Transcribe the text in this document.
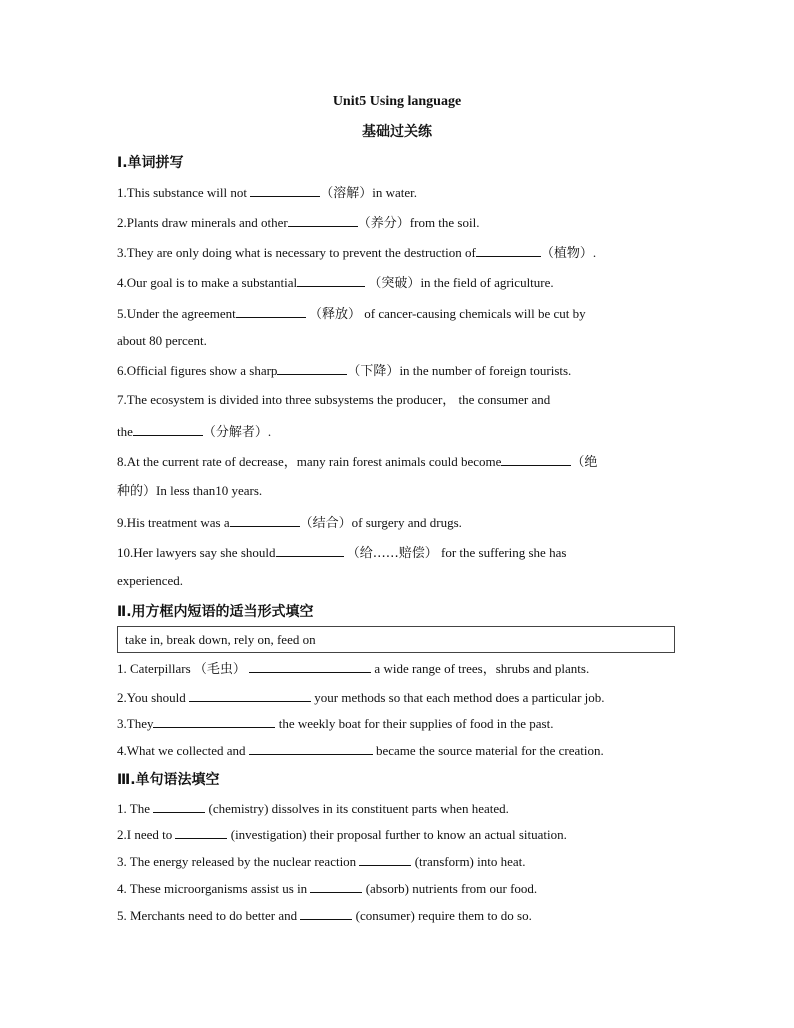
Unit5 Using language
基础过关练
Ⅰ.单词拼写
1.This substance will not	（溶解）in water.
2.Plants draw minerals and other	（养分）from the soil.
3.They are only doing what is necessary to prevent the destruction of	（植物）.
4.Our goal is to make a substantial	（突破）in the field of agriculture.
5.Under the agreement	（释放） of cancer-causing chemicals will be cut by
about 80 percent.
6.Official figures show a sharp	（下降）in the number of foreign tourists.
7.The ecosystem is divided into three subsystems the producer， the consumer and
the	（分解者）.
8.At the current rate of decrease，many rain forest animals could become	（绝
种的）In less than10 years.
9.His treatment was a	（结合）of surgery and drugs.
10.Her lawyers say she should	（给……赔偿） for the suffering she has
experienced.
Ⅱ.用方框内短语的适当形式填空
take in, break down, rely on, feed on
1. Caterpillars （毛虫）	a wide range of trees，shrubs and plants.
2.You should	your methods so that each method does a particular job.
3.They	the weekly boat for their supplies of food in the past.
4.What we collected and	became the source material for the creation.
Ⅲ.单句语法填空
1. The	(chemistry) dissolves in its constituent parts when heated.
2.I need to	(investigation) their proposal further to know an actual situation.
3. The energy released by the nuclear reaction	(transform) into heat.
4. These microorganisms assist us in	(absorb) nutrients from our food.
5. Merchants need to do better and	(consumer) require them to do so.
